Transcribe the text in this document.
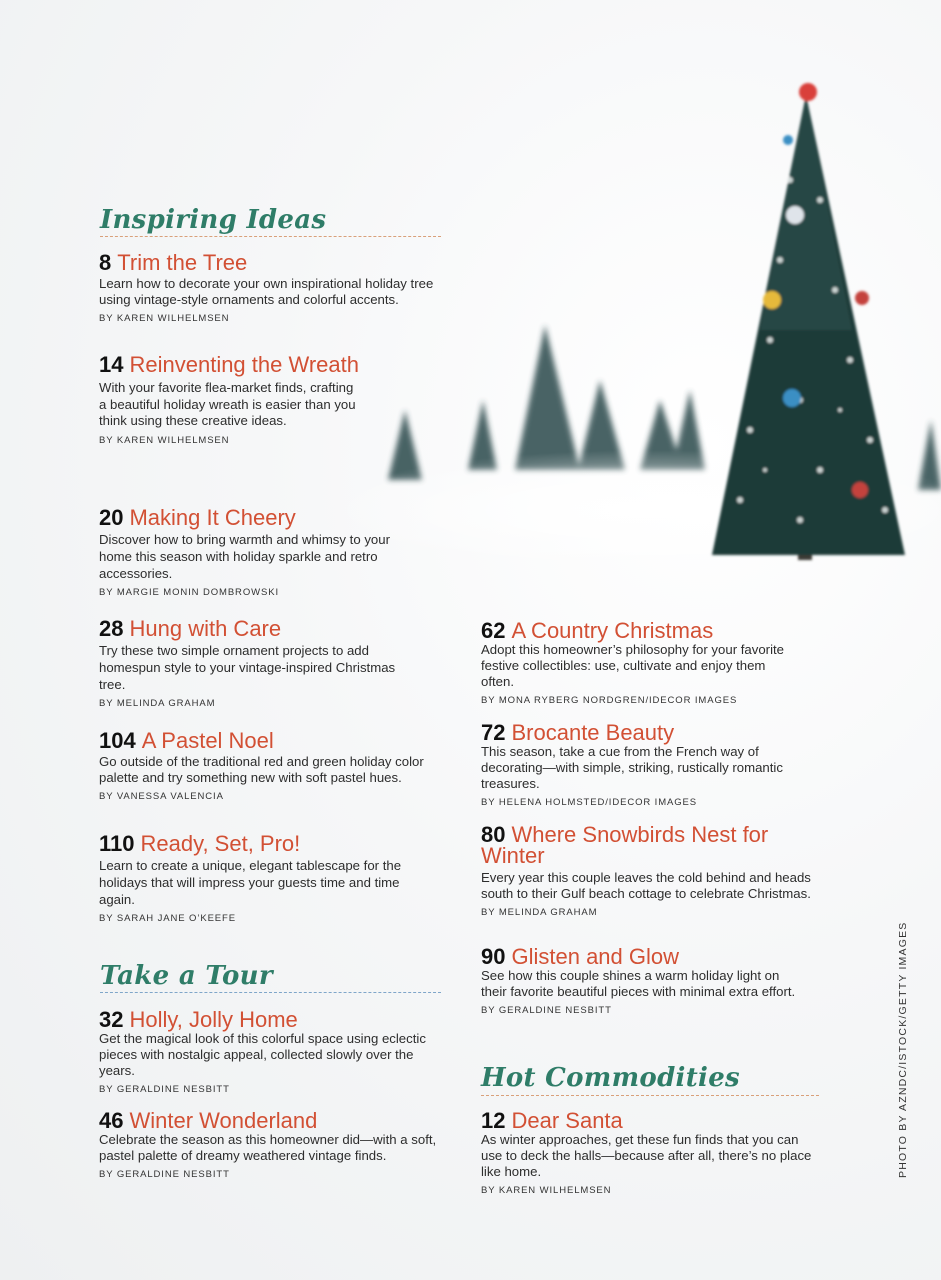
Inspiring Ideas
8 Trim the Tree

Learn how to decorate your own inspirational holiday tree using vintage-style ornaments and colorful accents.

BY KAREN WILHELMSEN
14 Reinventing the Wreath

With your favorite flea-market finds, crafting a beautiful holiday wreath is easier than you think using these creative ideas.

BY KAREN WILHELMSEN
20 Making It Cheery

Discover how to bring warmth and whimsy to your home this season with holiday sparkle and retro accessories.

BY MARGIE MONIN DOMBROWSKI
28 Hung with Care

Try these two simple ornament projects to add homespun style to your vintage-inspired Christmas tree.

BY MELINDA GRAHAM
104 A Pastel Noel

Go outside of the traditional red and green holiday color palette and try something new with soft pastel hues.

BY VANESSA VALENCIA
110 Ready, Set, Pro!

Learn to create a unique, elegant tablescape for the holidays that will impress your guests time and time again.

BY SARAH JANE O’KEEFE
Take a Tour
32 Holly, Jolly Home

Get the magical look of this colorful space using eclectic pieces with nostalgic appeal, collected slowly over the years.

BY GERALDINE NESBITT
46 Winter Wonderland

Celebrate the season as this homeowner did—with a soft, pastel palette of dreamy weathered vintage finds.

BY GERALDINE NESBITT
62 A Country Christmas

Adopt this homeowner’s philosophy for your favorite festive collectibles: use, cultivate and enjoy them often.

BY MONA RYBERG NORDGREN/IDECOR IMAGES
72 Brocante Beauty

This season, take a cue from the French way of decorating—with simple, striking, rustically romantic treasures.

BY HELENA HOLMSTED/IDECOR IMAGES
80 Where Snowbirds Nest for Winter

Every year this couple leaves the cold behind and heads south to their Gulf beach cottage to celebrate Christmas.

BY MELINDA GRAHAM
90 Glisten and Glow

See how this couple shines a warm holiday light on their favorite beautiful pieces with minimal extra effort.

BY GERALDINE NESBITT
Hot Commodities
12 Dear Santa

As winter approaches, get these fun finds that you can use to deck the halls—because after all, there’s no place like home.

BY KAREN WILHELMSEN
PHOTO BY AZNDC/ISTOCK/GETTY IMAGES
